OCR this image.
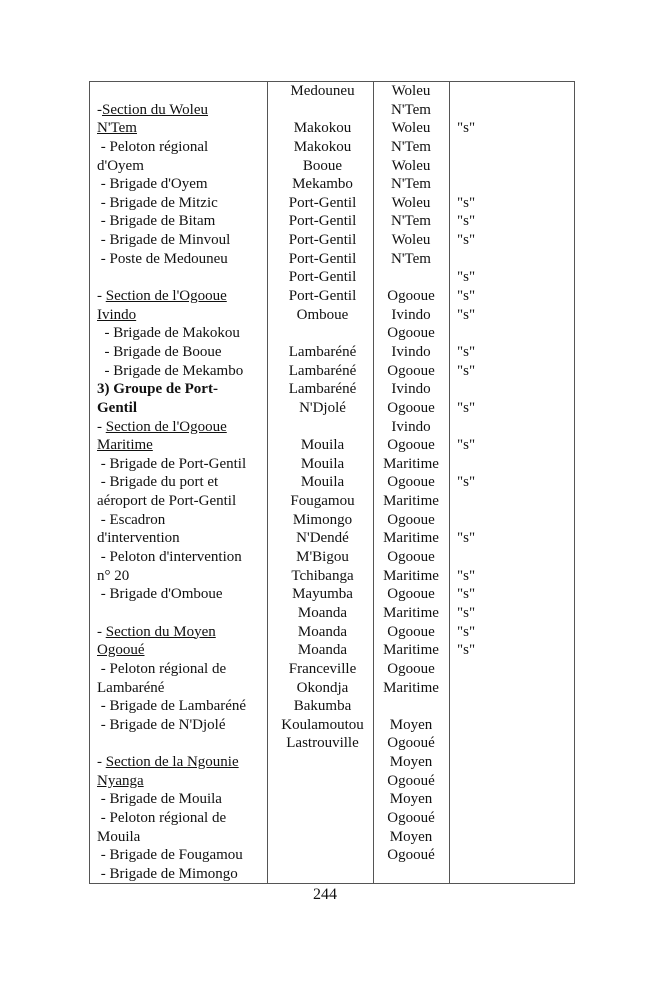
-Section du Woleu
N'Tem
- Peloton régional
d'Oyem
- Brigade d'Oyem
- Brigade de Mitzic
- Brigade de Bitam
- Brigade de Minvoul
- Poste de Medouneu
- Section de l'Ogooue
Ivindo
- Brigade de Makokou
- Brigade de Booue
- Brigade de Mekambo
3) Groupe de Port-
Gentil
- Section de l'Ogooue
Maritime
- Brigade de Port-Gentil
- Brigade du port et
aéroport de Port-Gentil
- Escadron
d'intervention
- Peloton d'intervention
n° 20
- Brigade d'Omboue
- Section du Moyen
Ogooué
- Peloton régional de
Lambaréné
- Brigade de Lambaréné
- Brigade de N'Djolé
- Section de la Ngounie
Nyanga
- Brigade de Mouila
- Peloton régional de
Mouila
- Brigade de Fougamou
- Brigade de Mimongo
Medouneu
Makokou
Makokou
Booue
Mekambo
Port-Gentil
Port-Gentil
Port-Gentil
Port-Gentil
Port-Gentil
Port-Gentil
Omboue
Lambaréné
Lambaréné
Lambaréné
N'Djolé
Mouila
Mouila
Mouila
Fougamou
Mimongo
N'Dendé
M'Bigou
Tchibanga
Mayumba
Moanda
Moanda
Moanda
Franceville
Okondja
Bakumba
Koulamoutou
Lastrouville
Woleu
N'Tem
Woleu
N'Tem
Woleu
N'Tem
Woleu
N'Tem
Woleu
N'Tem
Ogooue
Ivindo
Ogooue
Ivindo
Ogooue
Ivindo
Ogooue
Ivindo
Ogooue
Maritime
Ogooue
Maritime
Ogooue
Maritime
Ogooue
Maritime
Ogooue
Maritime
Ogooue
Maritime
Ogooue
Maritime
Moyen
Ogooué
Moyen
Ogooué
Moyen
Ogooué
Moyen
Ogooué
"s"
"s"
"s"
"s"
"s"
"s"
"s"
"s"
"s"
"s"
"s"
"s"
"s"
"s"
"s"
"s"
"s"
"s"
244
